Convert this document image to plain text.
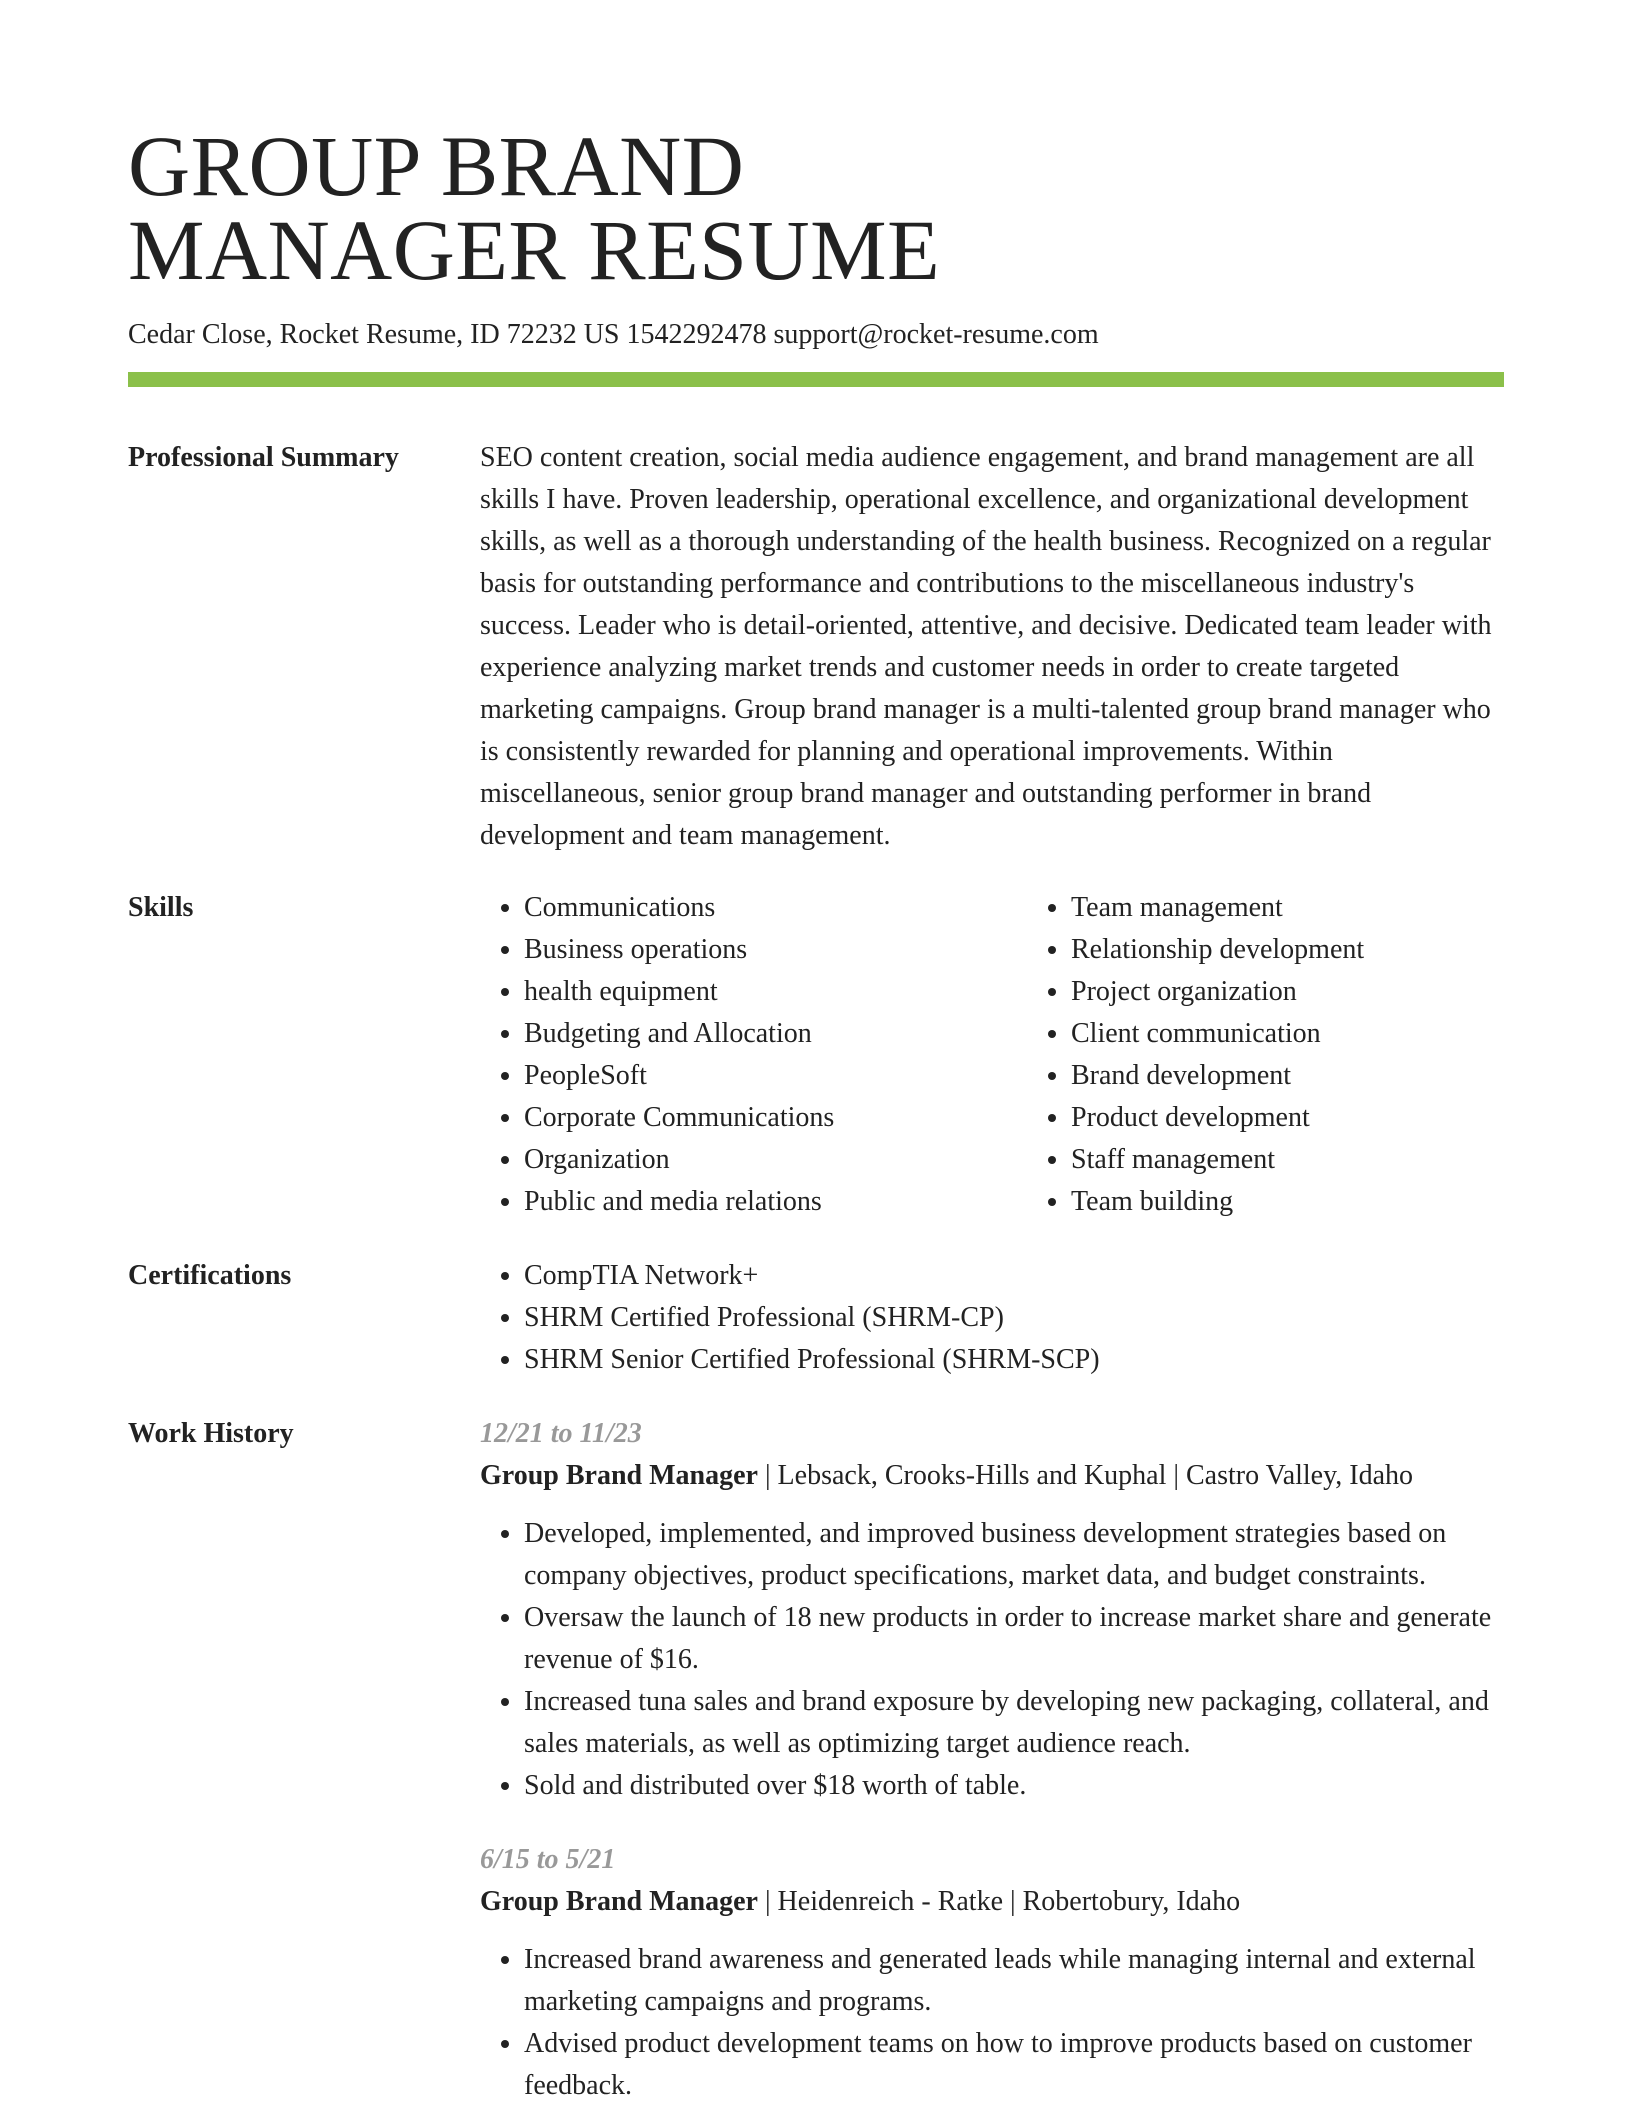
GROUP BRAND
MANAGER RESUME
Cedar Close, Rocket Resume, ID 72232 US 1542292478 support@rocket-resume.com
Professional Summary	SEO content creation, social media audience engagement, and brand management are all skills I have. Proven leadership, operational excellence, and organizational development skills, as well as a thorough understanding of the health business. Recognized on a regular basis for outstanding performance and contributions to the miscellaneous industry's success. Leader who is detail-oriented, attentive, and decisive. Dedicated team leader with experience analyzing market trends and customer needs in order to create targeted marketing campaigns. Group brand manager is a multi-talented group brand manager who is consistently rewarded for planning and operational improvements. Within miscellaneous, senior group brand manager and outstanding performer in brand development and team management.

Skills	• Communications
• Business operations
• health equipment
• Budgeting and Allocation
• PeopleSoft
• Corporate Communications
• Organization
• Public and media relations
• Team management
• Relationship development
• Project organization
• Client communication
• Brand development
• Product development
• Staff management
• Team building
Certifications	• CompTIA Network+
• SHRM Certified Professional (SHRM-CP)
• SHRM Senior Certified Professional (SHRM-SCP)
Work History	12/21 to 11/23
Group Brand Manager | Lebsack, Crooks-Hills and Kuphal | Castro Valley, Idaho
• Developed, implemented, and improved business development strategies based on company objectives, product specifications, market data, and budget constraints.
• Oversaw the launch of 18 new products in order to increase market share and generate revenue of $16.
• Increased tuna sales and brand exposure by developing new packaging, collateral, and sales materials, as well as optimizing target audience reach.
• Sold and distributed over $18 worth of table.
6/15 to 5/21
Group Brand Manager | Heidenreich - Ratke | Robertobury, Idaho
• Increased brand awareness and generated leads while managing internal and external marketing campaigns and programs.
• Advised product development teams on how to improve products based on customer feedback.
